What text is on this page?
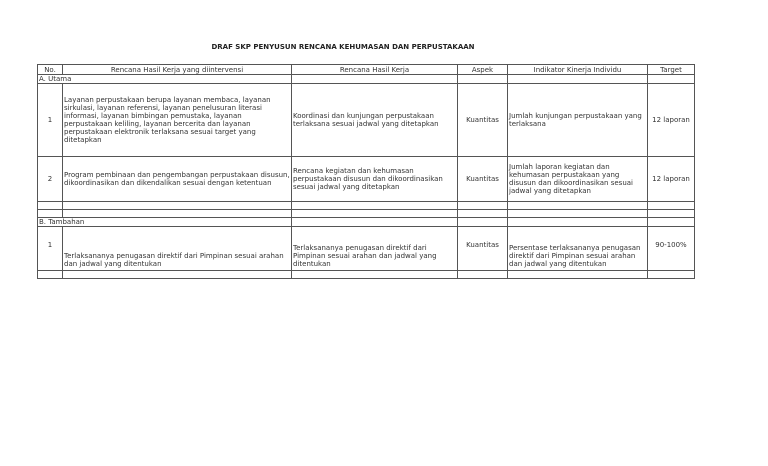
DRAF SKP PENYUSUN RENCANA KEHUMASAN DAN PERPUSTAKAAN
No.	Rencana Hasil Kerja yang diintervensi	Rencana Hasil Kerja	Aspek	Indikator Kinerja Individu	Target
A. Utama					
1	Layanan perpustakaan berupa layanan membaca, layanan sirkulasi, layanan referensi, layanan penelusuran literasi informasi, layanan bimbingan pemustaka, layanan perpustakaan keliling, layanan bercerita dan layanan perpustakaan elektronik terlaksana sesuai target yang ditetapkan	Koordinasi dan kunjungan perpustakaan terlaksana sesuai jadwal yang ditetapkan	Kuantitas	Jumlah kunjungan perpustakaan yang terlaksana	12 laporan
2	Program pembinaan dan pengembangan perpustakaan disusun, dikoordinasikan dan dikendalikan sesuai dengan ketentuan	Rencana kegiatan dan kehumasan perpustakaan disusun dan dikoordinasikan sesuai jadwal yang ditetapkan	Kuantitas	Jumlah laporan kegiatan dan kehumasan perpustakaan yang disusun dan dikoordinasikan sesuai jadwal yang ditetapkan	12 laporan

B. Tambahan					
1	Terlaksananya penugasan direktif dari Pimpinan sesuai arahan dan jadwal yang ditentukan	Terlaksananya penugasan direktif dari Pimpinan sesuai arahan dan jadwal yang ditentukan	Kuantitas	Persentase terlaksananya penugasan direktif dari Pimpinan sesuai arahan dan jadwal yang ditentukan	90-100%
